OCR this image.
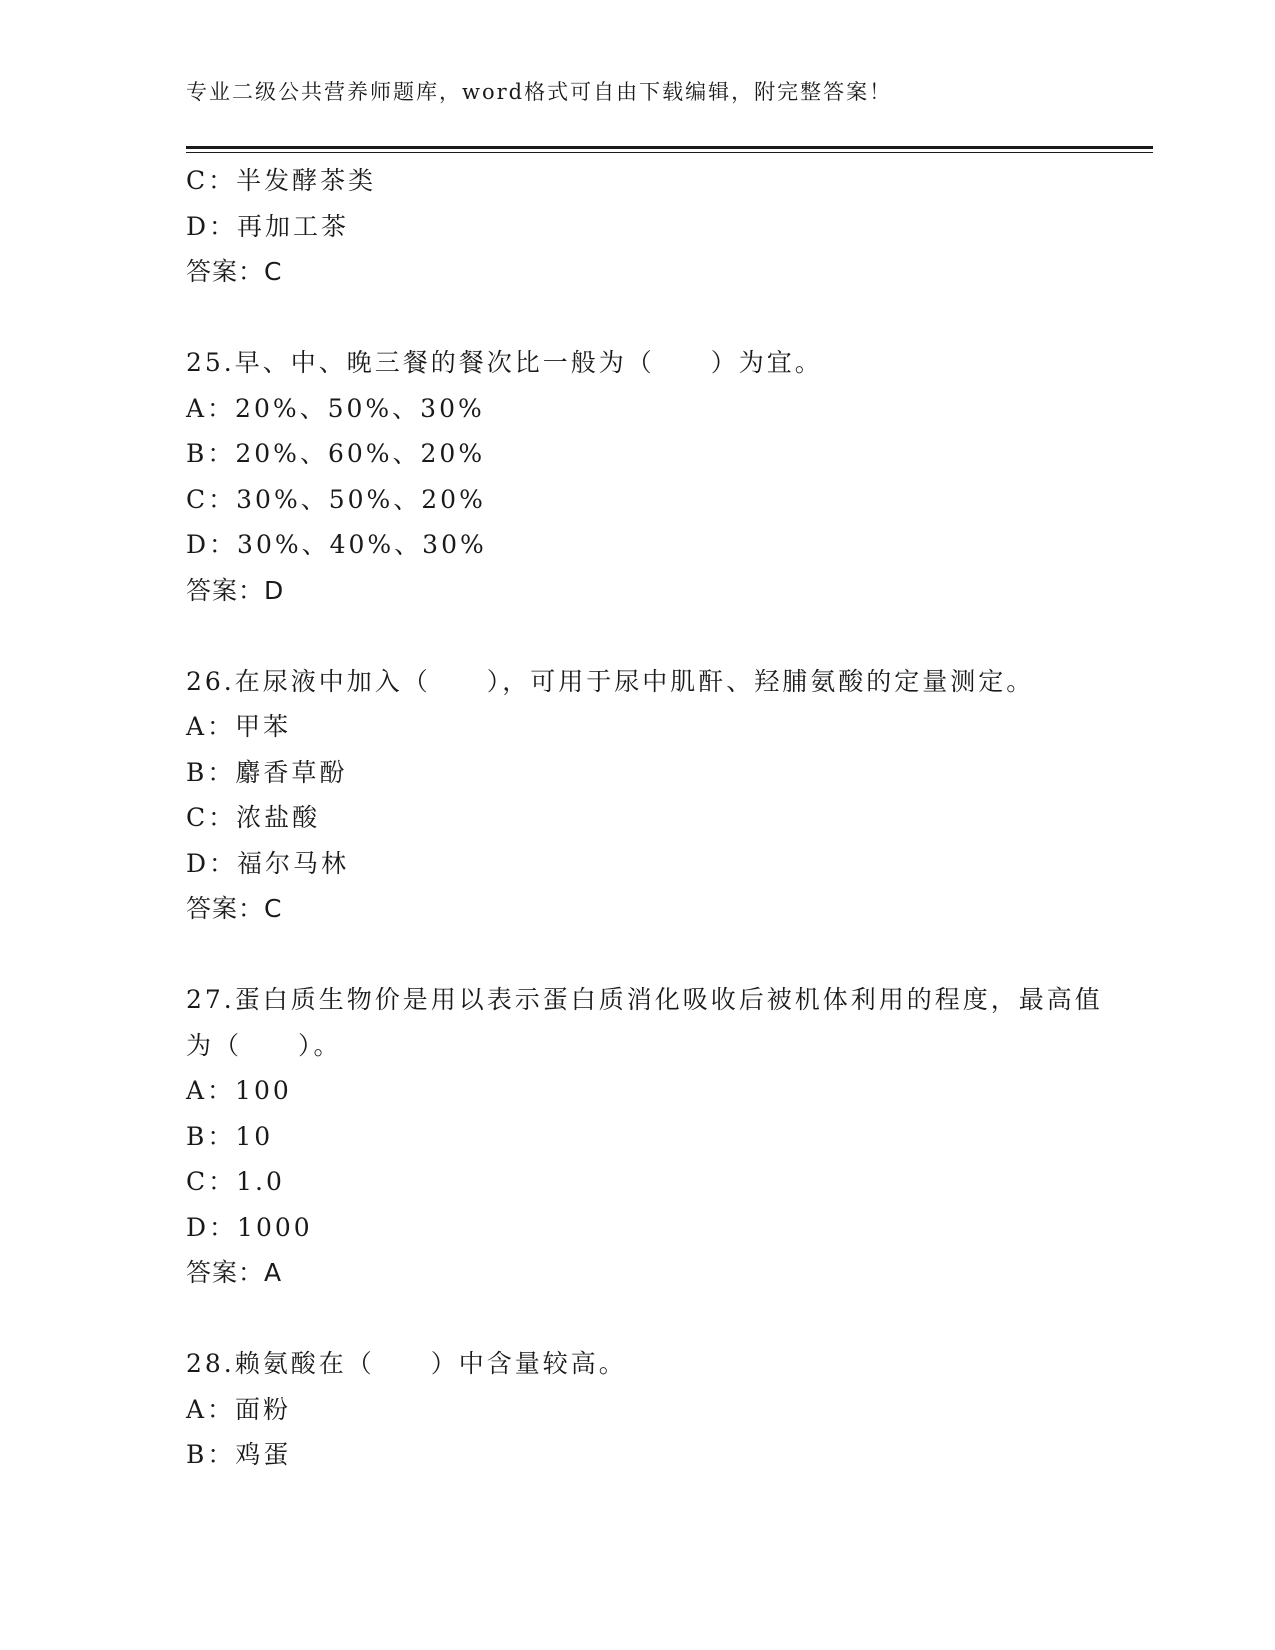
专业二级公共营养师题库，word格式可自由下载编辑，附完整答案！
C：半发酵茶类
D：再加工茶
答案：C
25.早、中、晚三餐的餐次比一般为（　　）为宜。
A：20%、50%、30%
B：20%、60%、20%
C：30%、50%、20%
D：30%、40%、30%
答案：D
26.在尿液中加入（　　），可用于尿中肌酐、羟脯氨酸的定量测定。
A：甲苯
B：麝香草酚
C：浓盐酸
D：福尔马林
答案：C
27.蛋白质生物价是用以表示蛋白质消化吸收后被机体利用的程度，最高值为（　　）。
A：100
B：10
C：1.0
D：1000
答案：A
28.赖氨酸在（　　）中含量较高。
A：面粉
B：鸡蛋
